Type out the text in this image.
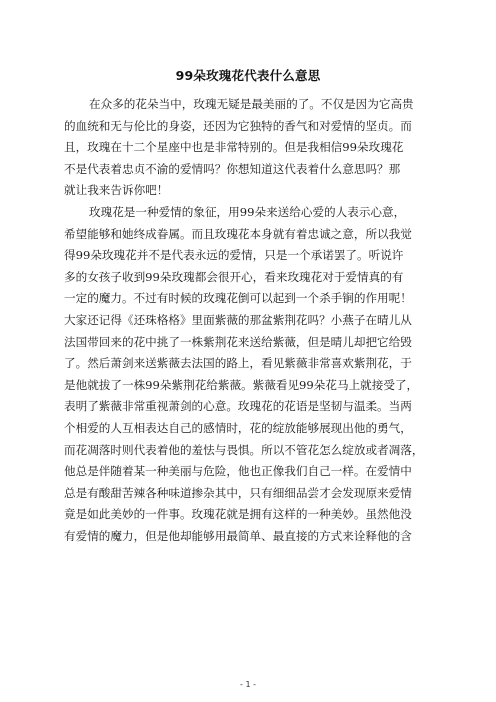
99朵玫瑰花代表什么意思
在众多的花朵当中，玫瑰无疑是最美丽的了。不仅是因为它高贵
的血统和无与伦比的身姿，还因为它独特的香气和对爱情的坚贞。而
且，玫瑰在十二个星座中也是非常特别的。但是我相信99朵玫瑰花
不是代表着忠贞不渝的爱情吗？你想知道这代表着什么意思吗？那
就让我来告诉你吧！
玫瑰花是一种爱情的象征，用99朵来送给心爱的人表示心意，
希望能够和她终成眷属。而且玫瑰花本身就有着忠诚之意，所以我觉
得99朵玫瑰花并不是代表永远的爱情，只是一个承诺罢了。听说许
多的女孩子收到99朵玫瑰都会很开心，看来玫瑰花对于爱情真的有
一定的魔力。不过有时候的玫瑰花倒可以起到一个杀手锏的作用呢！
大家还记得《还珠格格》里面紫薇的那盆紫荆花吗？小燕子在晴儿从
法国带回来的花中挑了一株紫荆花来送给紫薇，但是晴儿却把它给毁
了。然后萧剑来送紫薇去法国的路上，看见紫薇非常喜欢紫荆花，于
是他就拔了一株99朵紫荆花给紫薇。紫薇看见99朵花马上就接受了，
表明了紫薇非常重视萧剑的心意。玫瑰花的花语是坚韧与温柔。当两
个相爱的人互相表达自己的感情时，花的绽放能够展现出他的勇气，
而花凋落时则代表着他的羞怯与畏惧。所以不管花怎么绽放或者凋落，
他总是伴随着某一种美丽与危险，他也正像我们自己一样。在爱情中
总是有酸甜苦辣各种味道掺杂其中，只有细细品尝才会发现原来爱情
竟是如此美妙的一件事。玫瑰花就是拥有这样的一种美妙。虽然他没
有爱情的魔力，但是他却能够用最简单、最直接的方式来诠释他的含
- 1 -
